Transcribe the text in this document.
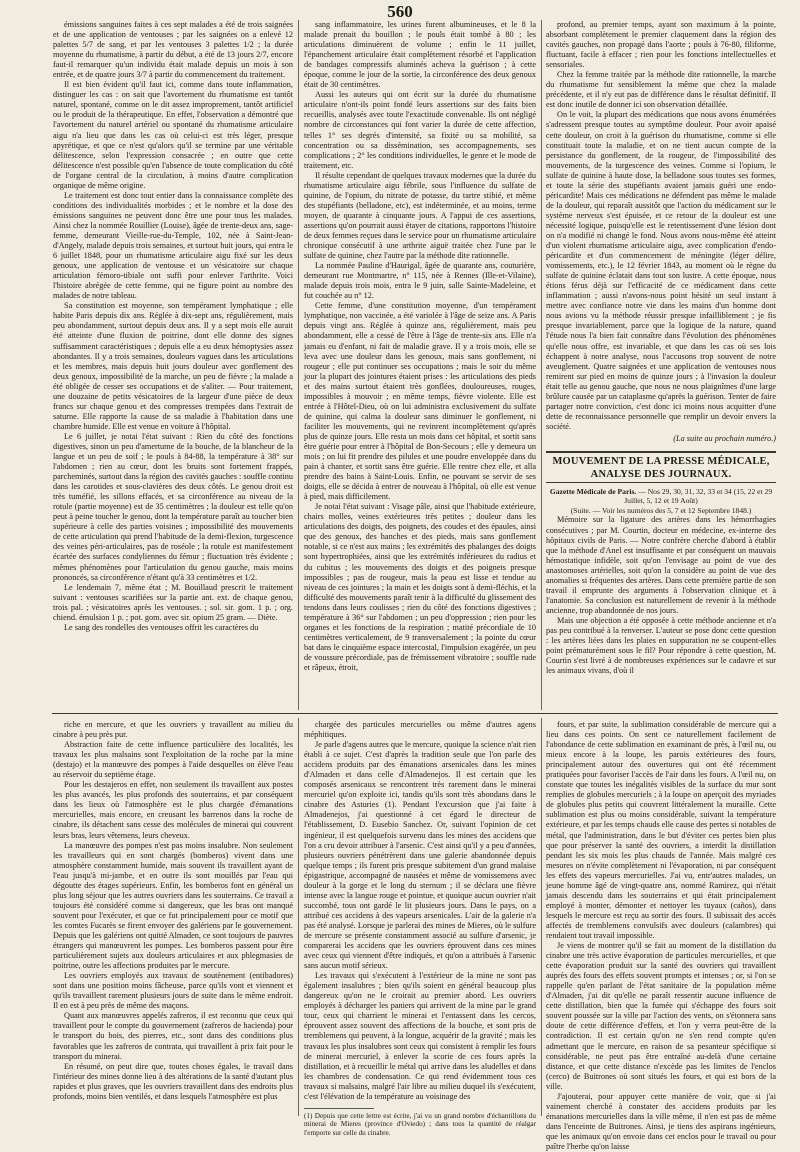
560

émissions sanguines faites à ces sept malades a été de trois saignées et de une application de ventouses ; par les saignées on a enlevé 12 palettes 5/7 de sang, et par les ventouses 3 palettes 1/2 ; la durée moyenne du rhumatisme, à partir du début, a été de 13 jours 2/7, encore faut-il remarquer qu'un individu était malade depuis un mois à son entrée, et de quatre jours 3/7 à partir du commencement du traitement.

Il est bien évident qu'il faut ici, comme dans toute inflammation, distinguer les cas : on sait que l'avortement du rhumatisme est tantôt naturel, spontané, comme on le dit assez improprement, tantôt artificiel ou le produit de la thérapeutique. En effet, l'observation a démontré que l'avortement du naturel artériel ou spontané du rhumatisme articulaire aigu n'a lieu que dans les cas où celui-ci est très léger, presque apyrétique, et que ce n'est qu'alors qu'il se termine par une véritable délitescence, selon l'expression consacrée ; en outre que cette délitescence n'est possible qu'en l'absence de toute complication du côté de l'organe central de la circulation, à moins d'autre complication organique de même origine.

Le traitement est donc tout entier dans la connaissance complète des conditions des individualités morbides ; et le nombre et la dose des émissions sanguines ne peuvent donc être une pour tous les malades. Ainsi chez la nommée Rouillier (Louise), âgée de trente-deux ans, sage-femme, demeurant Vieille-rue-du-Temple, 102, née à Saint-Jean-d'Angely, malade depuis trois semaines, et surtout huit jours, qui entra le 6 juillet 1848, pour un rhumatisme articulaire aigu fixé sur les deux genoux, une application de ventouse et un vésicatoire sur chaque articulation fémoro-tibiale ont suffi pour enlever l'arthrite. Voici l'histoire abrégée de cette femme, qui ne figure point au nombre des malades de notre tableau.

Sa constitution est moyenne, son tempérament lymphatique ; elle habite Paris depuis dix ans. Réglée à dix-sept ans, régulièrement, mais peu abondamment, surtout depuis deux ans. Il y a sept mois elle aurait été atteinte d'une fluxion de poitrine, dont elle donne des signes suffisamment caractéristiques ; depuis elle a eu deux hémoptysies assez abondantes. Il y a trois semaines, douleurs vagues dans les articulations et les membres, mais depuis huit jours douleur avec gonflement des deux genoux, impossibilité de la marche, un peu de fièvre ; la malade a été obligée de cesser ses occupations et de s'aliter. — Pour traitement, une douzaine de petits vésicatoires de la largeur d'une pièce de deux francs sur chaque genou et des compresses trempées dans l'extrait de saturne. Elle rapporte la cause de sa maladie à l'habitation dans une chambre humide. Elle est venue en voiture à l'hôpital.

Le 6 juillet, je notai l'état suivant : Rien du côté des fonctions digestives, sinon un peu d'amertume de la bouche, de la blancheur de la langue et un peu de soif ; le pouls à 84-88, la température à 38° sur l'abdomen ; rien au cœur, dont les bruits sont fortement frappés, parcheminés, surtout dans la région des cavités gauches : souffle continu dans les carotides et sous-clavières des deux côtés. Le genou droit est très tuméfié, les sillons effacés, et sa circonférence au niveau de la rotule (partie moyenne) est de 35 centimètres ; la douleur est telle qu'on peut à peine toucher le genou, dont la température paraît au toucher bien supérieure à celle des parties voisines ; impossibilité des mouvements de cette articulation qui prend l'habitude de la demi-flexion, turgescence des veines péri-articulaires, pas de roséole ; la rotule est manifestement écartée des surfaces condyliennes du fémur ; fluctuation très évidente ; mêmes phénomènes pour l'articulation du genou gauche, mais moins prononcés, sa circonférence n'étant qu'à 33 centimètres et 1/2.

Le lendemain 7, même état ; M. Bouillaud prescrit le traitement suivant : ventouses scarifiées sur la partie ant. ext. de chaque genou, trois pal. ; vésicatoires après les ventouses. ; sol. sir. gom. 1 p. ; org. chiend. émulsion 1 p. ; pot. gom. avec sir. opium 25 gram. — Diète.

Le sang des rondelles des ventouses offrit les caractères du

sang inflammatoire, les urines furent albumineuses, et le 8 la malade prenait du bouillon ; le pouls était tombé à 80 ; les articulations diminuèrent de volume ; enfin le 11 juillet, l'épanchement articulaire était complètement résorbé et l'application de bandages compressifs aluminés acheva la guérison ; à cette époque, comme le jour de la sortie, la circonférence des deux genoux était de 30 centimètres.

Aussi les auteurs qui ont écrit sur la durée du rhumatisme articulaire n'ont-ils point fondé leurs assertions sur des faits bien recueillis, analysés avec toute l'exactitude convenable. Ils ont négligé nombre de circonstances qui font varier la durée de cette affection, telles 1° ses degrés d'intensité, sa fixité ou sa mobilité, sa concentration ou sa dissémination, ses accompagnements, ses complications ; 2° les conditions individuelles, le genre et le mode de traitement, etc.

Il résulte cependant de quelques travaux modernes que la durée du rhumatisme articulaire aigu fébrile, sous l'influence du sulfate de quinine, de l'opium, du nitrate de potasse, du tartre stibié, et même des stupéfiants (belladone, etc), est indéterminée, et au moins, terme moyen, de quarante à cinquante jours. A l'appui de ces assertions, assertions qu'on pourrait aussi étayer de citations, rapportons l'histoire de deux femmes reçues dans le service pour un rhumatisme articulaire chronique consécutif à une arthrite aiguë traitée chez l'une par le sulfate de quinine, chez l'autre par la méthode dite rationnelle.

La nommée Pauline d'Haurigal, âgée de quarante ans, couturière, demeurant rue Montmartre, n° 115, née à Rennes (Ille-et-Vilaine), malade depuis trois mois, entra le 9 juin, salle Sainte-Madeleine, et fut couchée au n° 12.

Cette femme, d'une constitution moyenne, d'un tempérament lymphatique, non vaccinée, a été variolée à l'âge de seize ans. A Paris depuis vingt ans. Réglée à quinze ans, régulièrement, mais peu abondamment, elle a cessé de l'être à l'âge de trente-six ans. Elle n'a jamais eu d'enfant, ni fait de maladie grave. Il y a trois mois, elle se leva avec une douleur dans les genoux, mais sans gonflement, ni rougeur ; elle put continuer ses occupations ; mais le soir du même jour la plupart des jointures étaient prises : les articulations des pieds et des mains surtout étaient très gonflées, douloureuses, rouges, impossibles à mouvoir ; en même temps, fièvre violente. Elle est entrée à l'Hôtel-Dieu, où on lui administra exclusivement du sulfate de quinine, qui calma la douleur sans diminuer le gonflement, ni faciliter les mouvements, qui ne revinrent incomplètement qu'après plus de quinze jours. Elle resta un mois dans cet hôpital, et sortit sans être guérie pour entrer à l'hôpital de Bon-Secours ; elle y demeura un mois ; on lui fit prendre des pilules et une poudre enveloppée dans du pain à chanter, et sortit sans être guérie. Elle rentre chez elle, et alla prendre des bains à Saint-Louis. Enfin, ne pouvant se servir de ses doigts, elle se décida à entrer de nouveau à l'hôpital, où elle est venue à pied, mais difficilement.

Je notai l'état suivant : Visage pâle, ainsi que l'habitude extérieure, chairs molles, veines extérieures très petites ; douleur dans les articulations des doigts, des poignets, des coudes et des épaules, ainsi que des genoux, des hanches et des pieds, mais sans gonflement notable, si ce n'est aux mains ; les extrémités des phalanges des doigts sont hypertrophiées, ainsi que les extrémités inférieures du radius et du cubitus ; les mouvements des doigts et des poignets presque impossibles ; pas de rougeur, mais la peau est lisse et tendue au niveau de ces jointures ; la main et les doigts sont à demi-fléchis, et la difficulté des mouvements paraît tenir à la difficulté du glissement des tendons dans leurs coulisses ; rien du côté des fonctions digestives ; température à 36° sur l'abdomen ; un peu d'oppression ; rien pour les organes et les fonctions de la respiration ; matité précordiale de 10 centimètres verticalement, de 9 transversalement ; la pointe du cœur bat dans le cinquième espace intercostal, l'impulsion exagérée, un peu de voussure précordiale, pas de frémissement vibratoire ; souffle rude et râpeux, étroit,

profond, au premier temps, ayant son maximum à la pointe, absorbant complètement le premier claquement dans la région des cavités gauches, non propagé dans l'aorte ; pouls à 76-80, filiforme, fluctuant, facile à effacer ; rien pour les fonctions intellectuelles et sensoriales.

Chez la femme traitée par la méthode dite rationnelle, la marche du rhumatisme fut sensiblement la même que chez la malade précédente, et il n'y eut pas de différence dans le résultat définitif. Il est donc inutile de donner ici son observation détaillée.

On le voit, la plupart des médications que nous avons énumérées s'adressent presque toutes au symptôme douleur. Pour avoir apaisé cette douleur, on croit à la guérison du rhumatisme, comme si elle constituait toute la maladie, et on ne tient aucun compte de la persistance du gonflement, de la rougeur, de l'impossibilité des mouvements, de la turgescence des veines. Comme si l'opium, le sulfate de quinine à haute dose, la belladone sous toutes ses formes, et toute la série des stupéfiants avaient jamais guéri une endo-péricardite! Mais ces médications ne défendent pas même le malade de la douleur, qui reparaît aussitôt que l'action du médicament sur le système nerveux s'est épuisée, et ce retour de la douleur est une nécessité logique, puisqu'elle est le retentissement d'une lésion dont on n'a modifié ni changé le fond. Nous avons nous-même été atteint d'un violent rhumatisme articulaire aigu, avec complication d'endo-péricardite et d'un commencement de méningite (léger délire, vomissements, etc.), le 12 février 1843, au moment où le règne du sulfate de quinine éclatait dans tout son lustre. A cette époque, nous étions férus déjà sur l'efficacité de ce médicament dans cette inflammation ; aussi n'avons-nous point hésité un seul instant à mettre avec confiance notre vie dans les mains d'un homme dont nous avions vu la méthode réussir presque infailliblement ; je fis presque invariablement, parce que la logique de la nature, quand l'étude nous l'a bien fait connaître dans l'évolution des phénomènes qu'elle nous offre, est invariable, et que dans les cas où ses lois échappent à notre analyse, nous l'accusons trop souvent de notre aveuglement. Quatre saignées et une application de ventouses nous remirent sur pied en moins de quinze jours ; à l'invasion la douleur était telle au genou gauche, que nous ne nous plaignîmes d'une large brûlure causée par un cataplasme qu'après la guérison. Tenter de faire partager notre conviction, c'est donc ici moins nous acquitter d'une dette de reconnaissance personnelle que remplir un devoir envers la société.

(La suite au prochain numéro.)

MOUVEMENT DE LA PRESSE MÉDICALE, ANALYSE DES JOURNAUX.

Gazette Médicale de Paris. — Nos 29, 30, 31, 32, 33 et 34 (15, 22 et 29 Juillet, 5, 12 et 19 Août)

(Suite. — Voir les numéros des 5, 7 et 12 Septembre 1848.)

Mémoire sur la ligature des artères dans les hémorrhagies consécutives ; par M. Courtin, docteur en médecine, ex-interne des hôpitaux civils de Paris. — Notre confrère cherche d'abord à établir que la méthode d'Anel est insuffisante et par conséquent un mauvais hémostatique infidèle, soit qu'on l'envisage au point de vue des anastomoses artérielles, soit qu'on la considère au point de vue des anomalies si fréquentes des artères. Dans cette première partie de son travail il emprunte des arguments à l'observation clinique et à l'anatomie. Sa conclusion est naturellement de revenir à la méthode ancienne, trop abandonnée de nos jours.

Mais une objection a été opposée à cette méthode ancienne et n'a pas peu contribué à la renverser. L'auteur se pose donc cette question : les artères liées dans les plaies en suppuration ne se coupent-elles point prématurément sous le fil? Pour répondre à cette question, M. Courtin s'est livré à de nombreuses expériences sur le cadavre et sur les animaux vivans, d'où il

riche en mercure, et que les ouvriers y travaillent au milieu du cinabre à peu près pur.

Abstraction faite de cette influence particulière des localités, les travaux les plus malsains sont l'exploitation de la roche par la mine (destajo) et la manœuvre des pompes à l'aide desquelles on élève l'eau au réservoir du septième étage.

Pour les destajeros en effet, non seulement ils travaillent aux postes les plus avancés, les plus profonds des souterrains, et par conséquent dans les lieux où l'atmosphère est le plus chargée d'émanations mercurielles, mais encore, en creusant les barrenos dans la roche de cinabre, ils détachent sans cesse des molécules de minerai qui couvrent leurs bras, leurs vêtemens, leurs cheveux.

La manœuvre des pompes n'est pas moins insalubre. Non seulement les travailleurs qui en sont chargés (bomberos) vivent dans une atmosphère constamment humide, mais souvent ils travaillent ayant de l'eau jusqu'à mi-jambe, et en outre ils sont mouillés par l'eau qui dégoutte des étages supérieurs. Enfin, les bomberos font en général un plus long séjour que les autres ouvriers dans les souterrains. Ce travail a toujours été considéré comme si dangereux, que les bras ont manqué souvent pour l'exécuter, et que ce fut principalement pour ce motif que les comtes Fucarès se firent envoyer des galériens par le gouvernement. Depuis que les galériens ont quitté Almaden, ce sont toujours de pauvres étrangers qui manœuvrent les pompes. Les bomberos passent pour être particulièrement sujets aux douleurs articulaires et aux phlegmasies de poitrine, outre les affections produites par le mercure.

Les ouvriers employés aux travaux de soutènement (entibadores) sont dans une position moins fâcheuse, parce qu'ils vont et viennent et qu'ils travaillent rarement plusieurs jours de suite dans le même endroit. Il en est à peu près de même des maçons.

Quant aux manœuvres appelés zafreros, il est reconnu que ceux qui travaillent pour le compte du gouvernement (zafreros de hacienda) pour le transport du bois, des pierres, etc., sont dans des conditions plus favorables que les zafreros de contrata, qui travaillent à prix fait pour le transport du minerai.

En résumé, on peut dire que, toutes choses égales, le travail dans l'intérieur des mines donne lieu à des altérations de la santé d'autant plus rapides et plus graves, que les ouvriers travaillent dans des endroits plus profonds, moins bien ventilés, et dans lesquels l'atmosphère est plus

chargée des particules mercurielles ou même d'autres agens méphitiques.

Je parle d'agens autres que le mercure, quoique la science n'ait rien établi à ce sujet. C'est d'après la tradition seule que l'on parle des accidens produits par des émanations arsenicales dans les mines d'Almaden et dans celle d'Almadenejos. Il est certain que les composés arsenicaux se rencontrent très rarement dans le minerai mercuriel qu'on exploite ici, tandis qu'ils sont très abondans dans le cinabre des Asturies (1). Pendant l'excursion que j'ai faite à Almadenejos, j'ai questionné à cet égard le directeur de l'établissement, D. Eusebio Sanchez. Or, suivant l'opinion de cet ingénieur, il est quelquefois survenu dans les mines des accidens que l'on a cru devoir attribuer à l'arsenic. C'est ainsi qu'il y a peu d'années, plusieurs ouvriers pénétrèrent dans une galerie abandonnée depuis quelque temps ; ils furent pris presque subitement d'un grand malaise épigastrique, accompagné de nausées et même de vomissemens avec douleur à la gorge et le long du sternum ; il se déclara une fièvre intense avec la langue rouge et pointue, et quoique aucun ouvrier n'ait succombé, tous ont gardé le lit plusieurs jours. Dans le pays, on a attribué ces accidens à des vapeurs arsenicales. L'air de la galerie n'a pas été analysé. Lorsque je parlerai des mines de Mieres, où le sulfure de mercure se présente constamment associé au sulfure d'arsenic, je comparerai les accidens que les ouvriers éprouvent dans ces mines avec ceux qui viennent d'être indiqués, et qu'on a attribués à l'arsenic sans aucun motif sérieux.

Les travaux qui s'exécutent à l'extérieur de la mine ne sont pas également insalubres ; bien qu'ils soient en général beaucoup plus dangereux qu'on ne le croirait au premier abord. Les ouvriers employés à décharger les paniers qui arrivent de la mine par le grand tour, ceux qui charrient le minerai et l'entassent dans les cercos, éprouvent assez souvent des affections de la bouche, et sont pris de tremblemens qui peuvent, à la longue, acquérir de la gravité ; mais les travaux les plus insalubres sont ceux qui consistent à remplir les fours de minerai mercuriel, à enlever la scorie de ces fours après la distillation, et à recueillir le métal qui arrive dans les aludelles et dans les chambres de condensation. Ce qui rend évidemment tous ces travaux si malsains, malgré l'air libre au milieu duquel ils s'exécutent, c'est l'élévation de la température au voisinage des

(1) Depuis que cette lettre est écrite, j'ai vu un grand nombre d'échantillons du minerai de Mieres (province d'Oviedo) ; dans tous la quantité de réalgar l'emporte sur celle du cinabre.

fours, et par suite, la sublimation considérable de mercure qui a lieu dans ces points. On sent ce naturellement facilement de l'abondance de cette sublimation en examinant de près, à l'œil nu, ou mieux encore à la loupe, les parois extérieures des fours, principalement autour des ouvertures qui ont été récemment pratiquées pour favoriser l'accès de l'air dans les fours. A l'œil nu, on constate que toutes les inégalités visibles de la surface du mur sont remplies de globules mercuriels ; à la loupe on aperçoit des myriades de globules plus petits qui couvrent littéralement la muraille. Cette sublimation est plus ou moins considérable, suivant la température extérieure, et par les temps chauds elle cause des pertes si notables de métal, que l'administration, dans le but d'éviter ces pertes bien plus que pour préserver la santé des ouvriers, a interdit la distillation pendant les six mois les plus chauds de l'année. Mais malgré ces mesures on n'évite complètement ni l'évaporation, ni par conséquent les effets des vapeurs mercurielles. J'ai vu, entr'autres malades, un jeune homme âgé de vingt-quatre ans, nommé Ramirez, qui n'était jamais descendu dans les souterrains et qui était principalement employé à monter, démonter et nettoyer les tuyaux (caños), dans lesquels le mercure est reçu au sortir des fours. Il subissait des accès affectés de tremblemens convulsifs avec douleurs (calambres) qui rendaient tout travail impossible.

Je viens de montrer qu'il se fait au moment de la distillation du cinabre une très active évaporation de particules mercurielles, et que cette évaporation produit sur la santé des ouvriers qui travaillent auprès des fours des effets souvent prompts et intenses ; or, si l'on se rappelle qu'en parlant de l'état sanitaire de la population même d'Almaden, j'ai dit qu'elle ne paraît ressentir aucune influence de cette distillation, bien que la fumée qui s'échappe des fours soit souvent poussée sur la ville par l'action des vents, on s'étonnera sans doute de cette différence d'effets, et l'on y verra peut-être de la contradiction. Il est certain qu'on ne s'en rend compte qu'en admettant que le mercure, en raison de sa pesanteur spécifique si considérable, ne peut pas être entraîné au-delà d'une certaine distance, et que cette distance n'excède pas les limites de l'enclos (cerco) de Buitrones où sont situés les fours, et qui est bors de la ville.

J'ajouterai, pour appuyer cette manière de voir, que si j'ai vainement cherché à constater des accidens produits par les émanations mercurielles dans la ville même, il n'en est pas de même dans l'enceinte de Buitrones. Ainsi, je tiens des aspirans ingénieurs, que les animaux qu'on envoie dans cet enclos pour le travail ou pour paître l'herbe qu'on laisse
